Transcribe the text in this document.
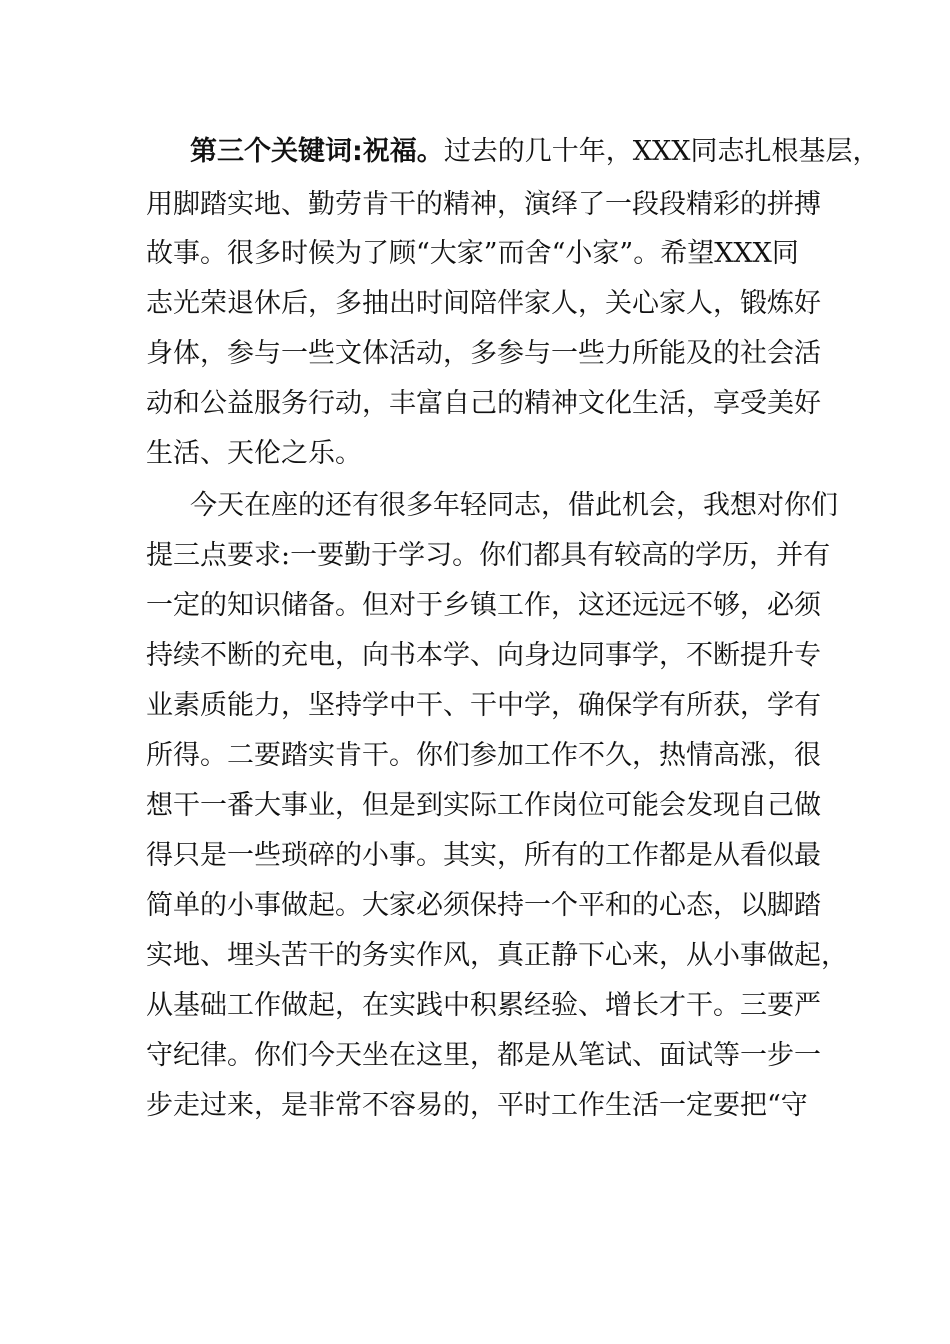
第三个关键词:祝福。过去的几十年，XXX同志扎根基层，
用脚踏实地、勤劳肯干的精神，演绎了一段段精彩的拼搏
故事。很多时候为了顾“大家”而舍“小家”。希望XXX同
志光荣退休后，多抽出时间陪伴家人，关心家人，锻炼好
身体，参与一些文体活动，多参与一些力所能及的社会活
动和公益服务行动，丰富自己的精神文化生活，享受美好
生活、天伦之乐。
今天在座的还有很多年轻同志，借此机会，我想对你们
提三点要求:一要勤于学习。你们都具有较高的学历，并有
一定的知识储备。但对于乡镇工作，这还远远不够，必须
持续不断的充电，向书本学、向身边同事学，不断提升专
业素质能力，坚持学中干、干中学，确保学有所获，学有
所得。二要踏实肯干。你们参加工作不久，热情高涨，很
想干一番大事业，但是到实际工作岗位可能会发现自己做
得只是一些琐碎的小事。其实，所有的工作都是从看似最
简单的小事做起。大家必须保持一个平和的心态，以脚踏
实地、埋头苦干的务实作风，真正静下心来，从小事做起，
从基础工作做起，在实践中积累经验、增长才干。三要严
守纪律。你们今天坐在这里，都是从笔试、面试等一步一
步走过来，是非常不容易的，平时工作生活一定要把“守
